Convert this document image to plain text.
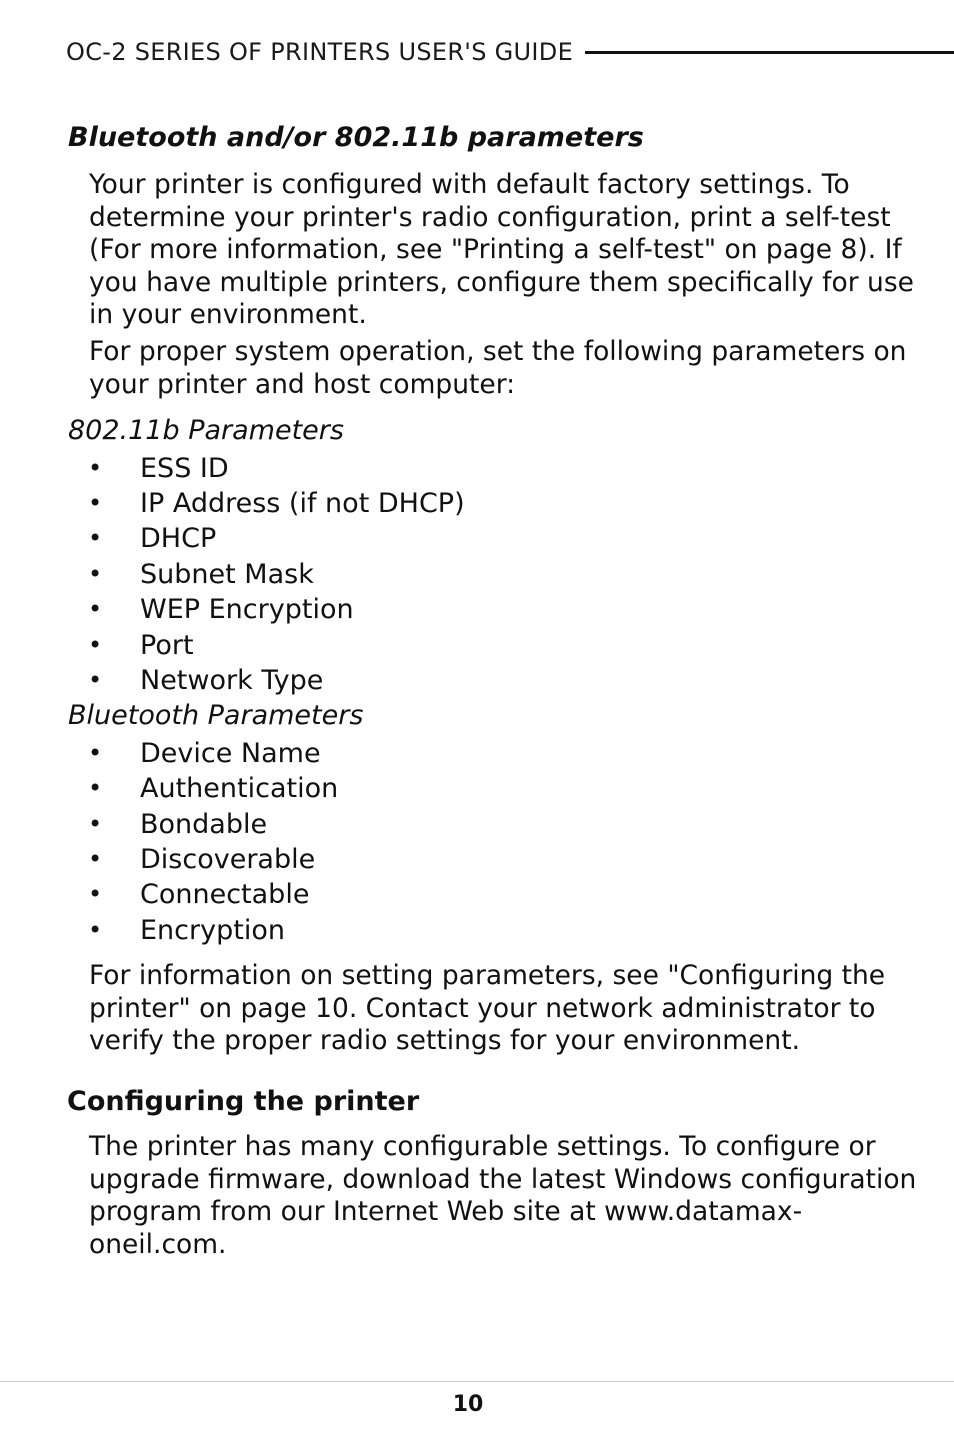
OC-2 SERIES OF PRINTERS USER'S GUIDE
Bluetooth and/or 802.11b parameters
Your printer is configured with default factory settings. To
determine your printer's radio configuration, print a self-test
(For more information, see "Printing a self-test" on page 8). If
you have multiple printers, configure them specifically for use
in your environment.
For proper system operation, set the following parameters on
your printer and host computer:
802.11b Parameters
• ESS ID
• IP Address (if not DHCP)
• DHCP
• Subnet Mask
• WEP Encryption
• Port
• Network Type
Bluetooth Parameters
• Device Name
• Authentication
• Bondable
• Discoverable
• Connectable
• Encryption
For information on setting parameters, see "Configuring the
printer" on page 10. Contact your network administrator to
verify the proper radio settings for your environment.
Configuring the printer
The printer has many configurable settings. To configure or
upgrade firmware, download the latest Windows configuration
program from our Internet Web site at www.datamax-
oneil.com.
10
